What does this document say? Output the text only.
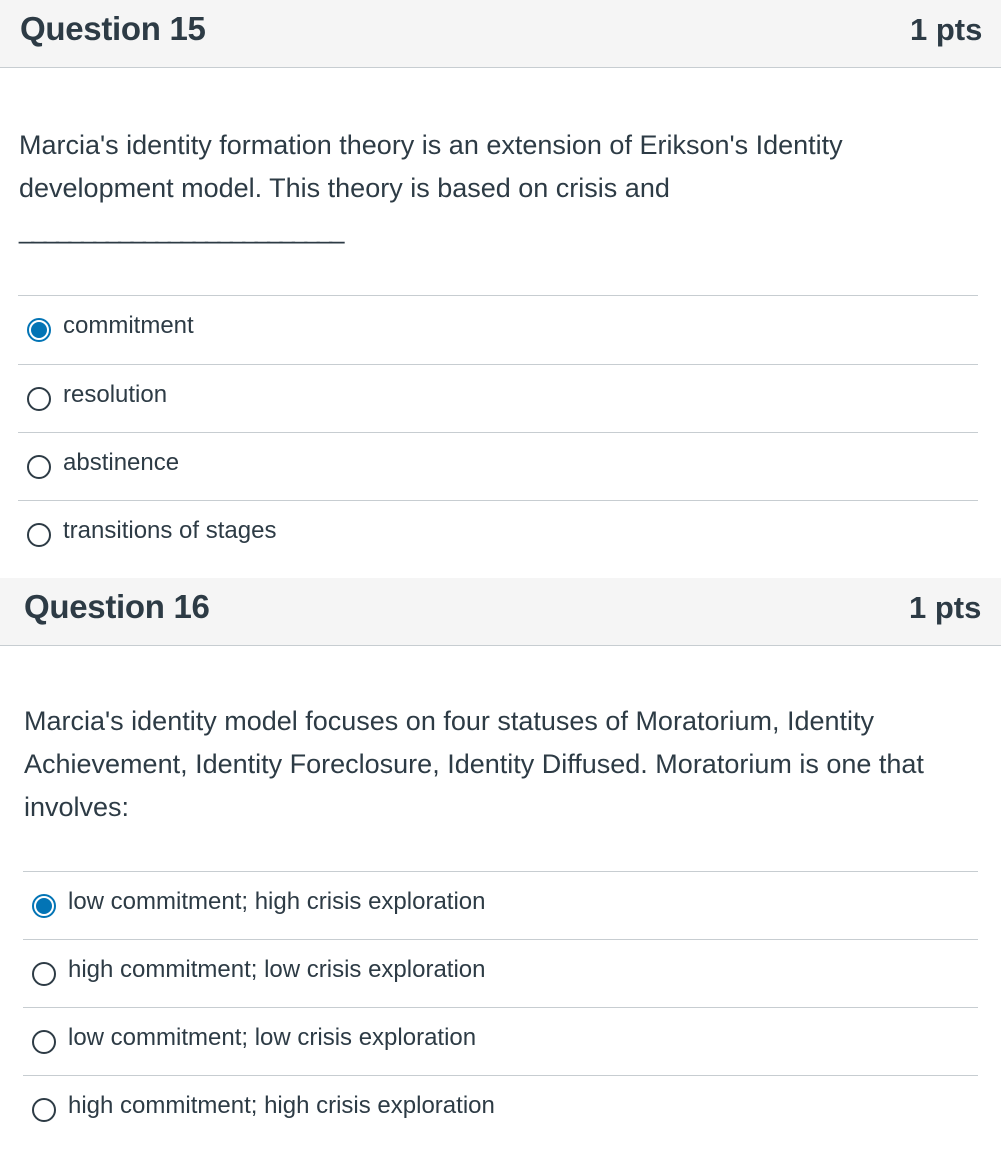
Question 15	1 pts
Marcia's identity formation theory is an extension of Erikson's Identity development model. This theory is based on crisis and
__________________________
commitment
resolution
abstinence
transitions of stages
Question 16	1 pts
Marcia's identity model focuses on four statuses of Moratorium, Identity Achievement, Identity Foreclosure, Identity Diffused. Moratorium is one that involves:
low commitment; high crisis exploration
high commitment; low crisis exploration
low commitment; low crisis exploration
high commitment; high crisis exploration
